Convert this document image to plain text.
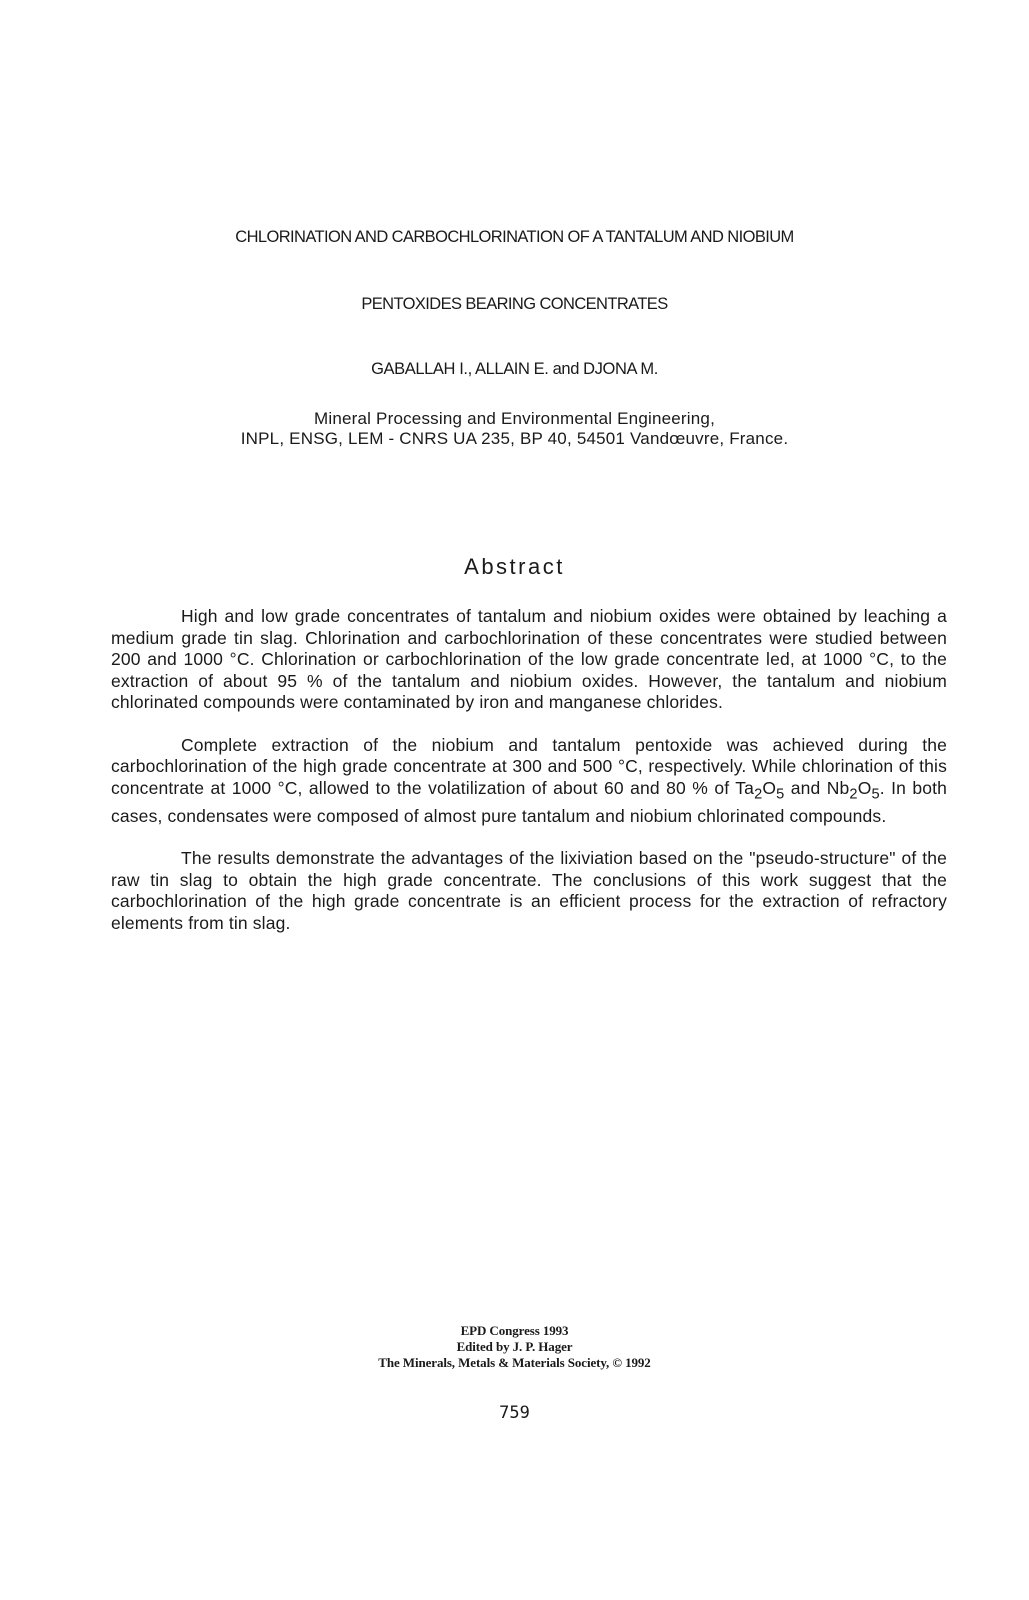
CHLORINATION AND CARBOCHLORINATION OF A TANTALUM AND NIOBIUM
PENTOXIDES BEARING CONCENTRATES
GABALLAH I., ALLAIN E. and DJONA M.
Mineral Processing and Environmental Engineering,
INPL, ENSG, LEM - CNRS UA 235, BP 40, 54501 Vandœuvre, France.
Abstract

High and low grade concentrates of tantalum and niobium oxides were obtained by leaching a medium grade tin slag. Chlorination and carbochlorination of these concentrates were studied between 200 and 1000 °C. Chlorination or carbochlorination of the low grade concentrate led, at 1000 °C, to the extraction of about 95 % of the tantalum and niobium oxides. However, the tantalum and niobium chlorinated compounds were contaminated by iron and manganese chlorides.

Complete extraction of the niobium and tantalum pentoxide was achieved during the carbochlorination of the high grade concentrate at 300 and 500 °C, respectively. While chlorination of this concentrate at 1000 °C, allowed to the volatilization of about 60 and 80 % of $Ta_2O_5$ and $Nb_2O_5$. In both cases, condensates were composed of almost pure tantalum and niobium chlorinated compounds.

The results demonstrate the advantages of the lixiviation based on the "pseudo-structure" of the raw tin slag to obtain the high grade concentrate. The conclusions of this work suggest that the carbochlorination of the high grade concentrate is an efficient process for the extraction of refractory elements from tin slag.

EPD Congress 1993
Edited by J. P. Hager
The Minerals, Metals & Materials Society, © 1992
759
